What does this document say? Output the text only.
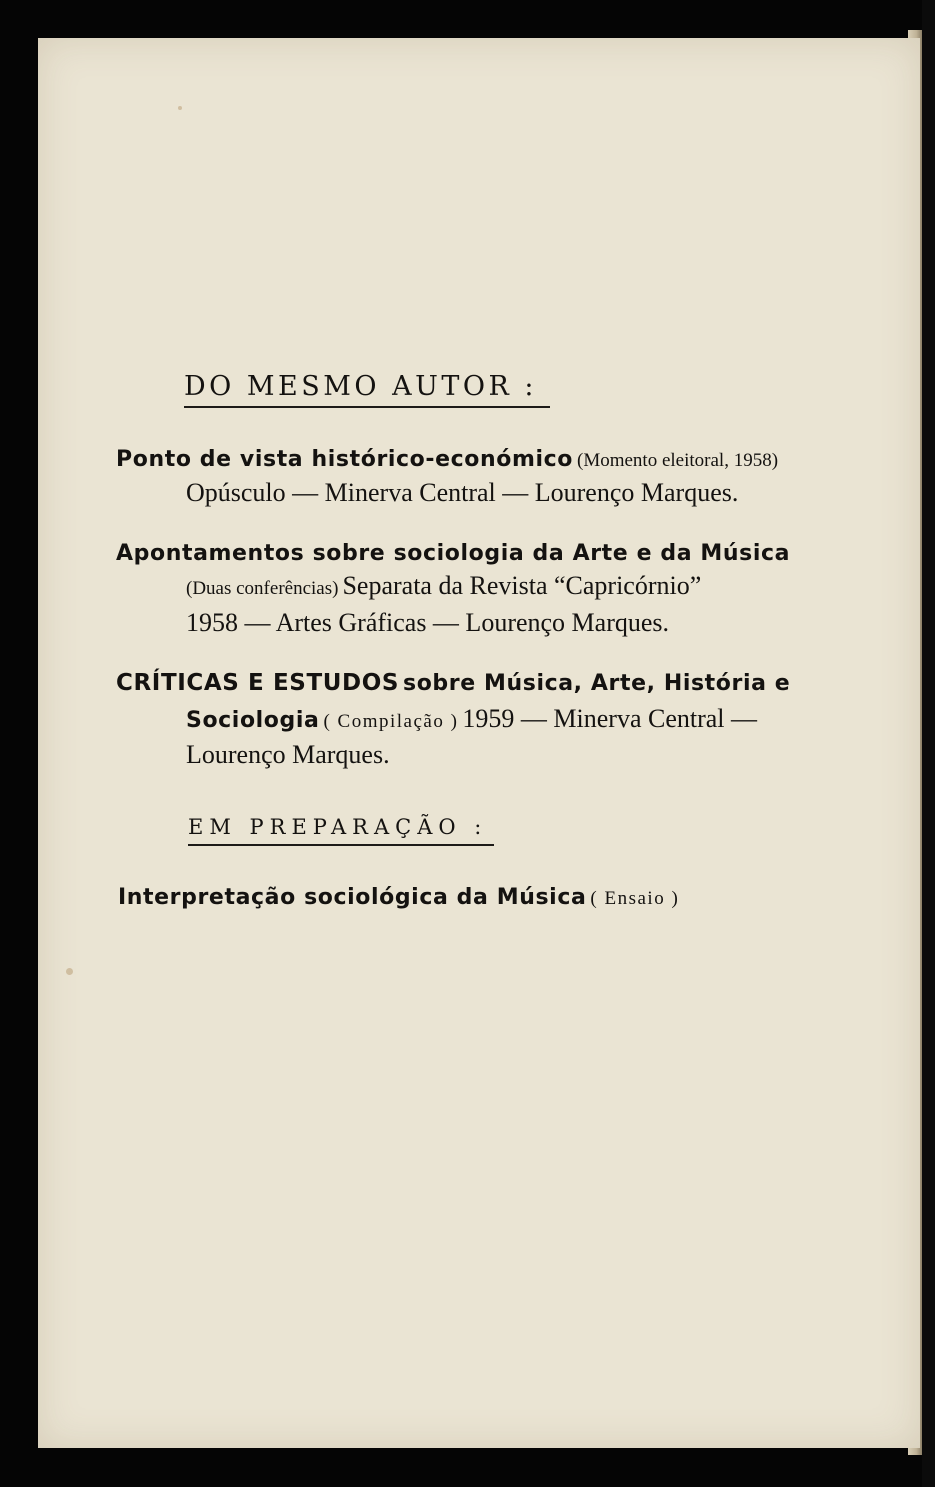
DO MESMO AUTOR :
Ponto de vista histórico-económico (Momento eleitoral, 1958)
Opúsculo — Minerva Central — Lourenço Marques.
Apontamentos sobre sociologia da Arte e da Música
(Duas conferências) Separata da Revista “Capricórnio”
1958 — Artes Gráficas — Lourenço Marques.
CRÍTICAS E ESTUDOS sobre Música, Arte, História e
Sociologia ( Compilação ) 1959 — Minerva Central —
Lourenço Marques.
EM PREPARAÇÃO :
Interpretação sociológica da Música ( Ensaio )
